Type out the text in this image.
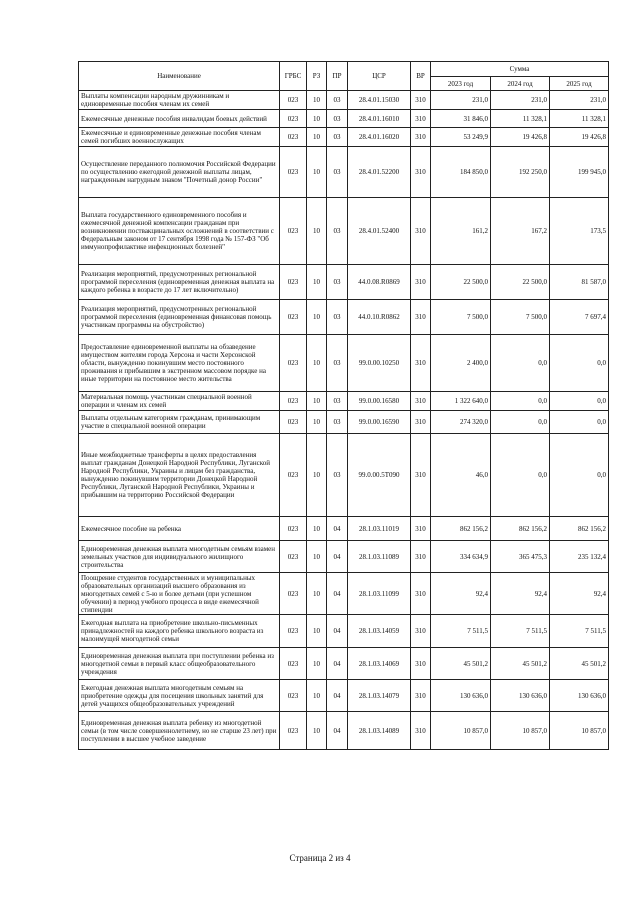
Наименование	ГРБС	РЗ	ПР	ЦСР	ВР	Сумма		
						2023 год	2024 год	2025 год
Выплаты компенсации народным дружинникам и единовременные пособия членам их семей	023	10	03	28.4.01.15030	310	231,0	231,0	231,0
Ежемесячные денежные пособия инвалидам боевых действий	023	10	03	28.4.01.16010	310	31 846,0	11 328,1	11 328,1
Ежемесячные и единовременные денежные пособия членам семей погибших военнослужащих	023	10	03	28.4.01.16020	310	53 249,9	19 426,8	19 426,8
Осуществление переданного полномочия Российской Федерации по осуществлению ежегодной денежной выплаты лицам, награжденным нагрудным знаком "Почетный донор России"	023	10	03	28.4.01.52200	310	184 850,0	192 250,0	199 945,0
Выплата государственного единовременного пособия и ежемесячной денежной компенсации гражданам при возникновении поствакцинальных осложнений в соответствии с Федеральным законом от 17 сентября 1998 года № 157-ФЗ "Об иммунопрофилактике инфекционных болезней"	023	10	03	28.4.01.52400	310	161,2	167,2	173,5
Реализация мероприятий, предусмотренных региональной программой переселения (единовременная денежная выплата на каждого ребенка в возрасте до 17 лет включительно)	023	10	03	44.0.08.R0869	310	22 500,0	22 500,0	81 587,0
Реализация мероприятий, предусмотренных региональной программой переселения (единовременная финансовая помощь участникам программы на обустройство)	023	10	03	44.0.10.R0862	310	7 500,0	7 500,0	7 697,4
Предоставление единовременной выплаты на обзаведение имуществом жителям города Херсона и части Херсонской области, вынужденно покинувшим место постоянного проживания и прибывшим в экстренном массовом порядке на иные территории на постоянное место жительства	023	10	03	99.0.00.10250	310	2 400,0	0,0	0,0
Материальная помощь участникам специальной военной операции и членам их семей	023	10	03	99.0.00.16580	310	1 322 640,0	0,0	0,0
Выплаты отдельным категориям гражданам, принимающим участие в специальной военной операции	023	10	03	99.0.00.16590	310	274 320,0	0,0	0,0
Иные межбюджетные трансферты в целях предоставления выплат гражданам Донецкой Народной Республики, Луганской Народной Республики, Украины и лицам без гражданства, вынужденно покинувшим территории Донецкой Народной Республики, Луганской Народной Республики, Украины и прибывшим на территорию Российской Федерации	023	10	03	99.0.00.5Т090	310	46,0	0,0	0,0
Ежемесячное пособие на ребенка	023	10	04	28.1.03.11019	310	862 156,2	862 156,2	862 156,2
Единовременная денежная выплата многодетным семьям взамен земельных участков для индивидуального жилищного строительства	023	10	04	28.1.03.11089	310	334 634,9	365 475,3	235 132,4
Поощрение студентов государственных и муниципальных образовательных организаций высшего образования из многодетных семей с 5-ю и более детьми (при успешном обучении) в период учебного процесса в виде ежемесячной стипендии	023	10	04	28.1.03.11099	310	92,4	92,4	92,4
Ежегодная выплата на приобретение школьно-письменных принадлежностей на каждого ребенка школьного возраста из малоимущей многодетной семьи	023	10	04	28.1.03.14059	310	7 511,5	7 511,5	7 511,5
Единовременная денежная выплата при поступлении ребенка из многодетной семьи в первый класс общеобразовательного учреждения	023	10	04	28.1.03.14069	310	45 501,2	45 501,2	45 501,2
Ежегодная денежная выплата многодетным семьям на приобретение одежды для посещения школьных занятий для детей учащихся общеобразовательных учреждений	023	10	04	28.1.03.14079	310	130 636,0	130 636,0	130 636,0
Единовременная денежная выплата ребенку из многодетной семьи (в том числе совершеннолетнему, но не старше 23 лет) при поступлении в высшее учебное заведение	023	10	04	28.1.03.14089	310	10 857,0	10 857,0	10 857,0
Страница 2 из 4
